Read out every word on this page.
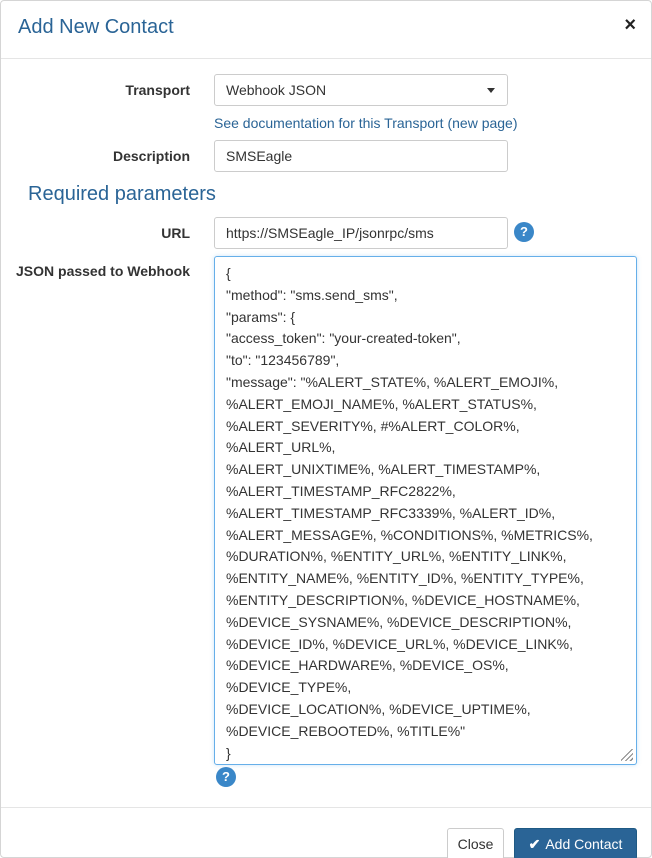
Add New Contact	×
Transport	Webhook JSON
See documentation for this Transport (new page)
Description	SMSEagle
Required parameters
URL	https://SMSEagle_IP/jsonrpc/sms	?
JSON passed to Webhook	{
"method": "sms.send_sms",
"params": {
"access_token": "your-created-token",
"to": "123456789",
"message": "%ALERT_STATE%, %ALERT_EMOJI%,
%ALERT_EMOJI_NAME%, %ALERT_STATUS%,
%ALERT_SEVERITY%, #%ALERT_COLOR%, %ALERT_URL%,
%ALERT_UNIXTIME%, %ALERT_TIMESTAMP%,
%ALERT_TIMESTAMP_RFC2822%,
%ALERT_TIMESTAMP_RFC3339%, %ALERT_ID%,
%ALERT_MESSAGE%, %CONDITIONS%, %METRICS%,
%DURATION%, %ENTITY_URL%, %ENTITY_LINK%,
%ENTITY_NAME%, %ENTITY_ID%, %ENTITY_TYPE%,
%ENTITY_DESCRIPTION%, %DEVICE_HOSTNAME%,
%DEVICE_SYSNAME%, %DEVICE_DESCRIPTION%,
%DEVICE_ID%, %DEVICE_URL%, %DEVICE_LINK%,
%DEVICE_HARDWARE%, %DEVICE_OS%, %DEVICE_TYPE%,
%DEVICE_LOCATION%, %DEVICE_UPTIME%,
%DEVICE_REBOOTED%, %TITLE%"
}

?
Close	✔ Add Contact
